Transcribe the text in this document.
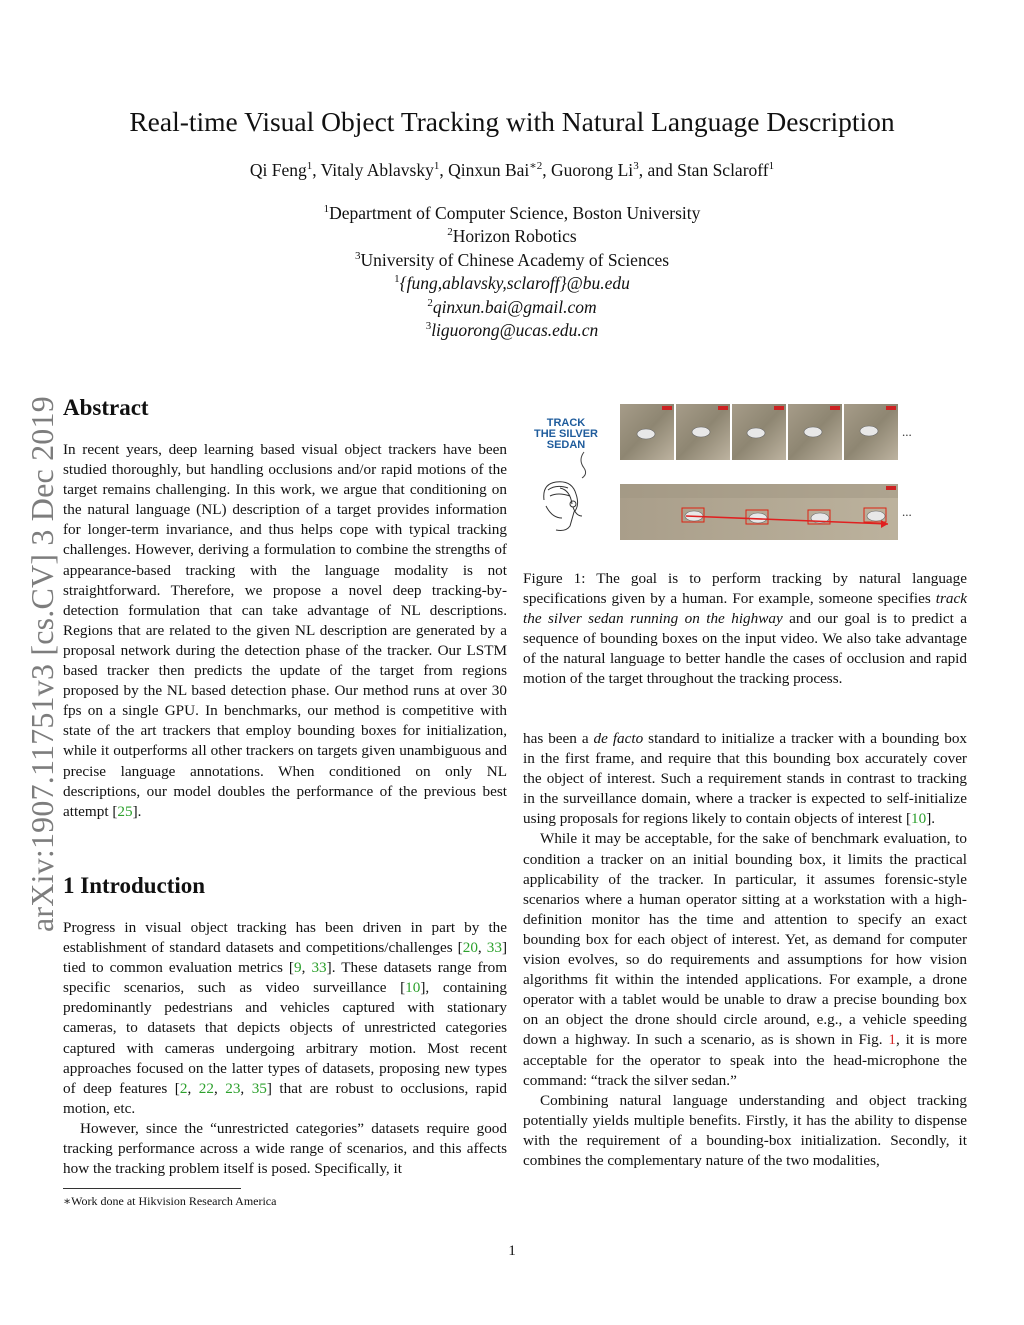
Real-time Visual Object Tracking with Natural Language Description
Qi Feng$^1$, Vitaly Ablavsky$^1$, Qinxun Bai$^{∗2}$, Guorong Li$^3$, and Stan Sclaroff$^1$
$^1$Department of Computer Science, Boston University
$^2$Horizon Robotics
$^3$University of Chinese Academy of Sciences
$^1${fung,ablavsky,sclaroff}@bu.edu
$^2$qinxun.bai@gmail.com
$^3$liguorong@ucas.edu.cn
arXiv:1907.11751v3 [cs.CV] 3 Dec 2019 Abstract

In recent years, deep learning based visual object trackers have been studied thoroughly, but handling occlusions and/or rapid motions of the target remains challenging. In this work, we argue that conditioning on the natural language (NL) description of a target provides information for longer-term invariance, and thus helps cope with typical tracking challenges. However, deriving a formulation to combine the strengths of appearance-based tracking with the language modality is not straightforward. Therefore, we propose a novel deep tracking-by-detection formulation that can take advantage of NL descriptions. Regions that are related to the given NL description are generated by a proposal network during the detection phase of the tracker. Our LSTM based tracker then predicts the update of the target from regions proposed by the NL based detection phase. Our method runs at over 30 fps on a single GPU. In benchmarks, our method is competitive with state of the art trackers that employ bounding boxes for initialization, while it outperforms all other trackers on targets given unambiguous and precise language annotations. When conditioned on only NL descriptions, our model doubles the performance of the previous best attempt [25].

1 Introduction

Progress in visual object tracking has been driven in part by the establishment of standard datasets and competitions/challenges [20, 33] tied to common evaluation metrics [9, 33]. These datasets range from specific scenarios, such as video surveillance [10], containing predominantly pedestrians and vehicles captured with stationary cameras, to datasets that depicts objects of unrestricted categories captured with cameras undergoing arbitrary motion. Most recent approaches focused on the latter types of datasets, proposing new types of deep features [2, 22, 23, 35] that are robust to occlusions, rapid motion, etc.

However, since the “unrestricted categories” datasets require good tracking performance across a wide range of scenarios, and this affects how the tracking problem itself is posed. Specifically, it

∗Work done at Hikvision Research America
TRACK
THE SILVER
SEDAN
...
...
Figure 1: The goal is to perform tracking by natural language specifications given by a human. For example, someone specifies track the silver sedan running on the highway and our goal is to predict a sequence of bounding boxes on the input video. We also take advantage of the natural language to better handle the cases of occlusion and rapid motion of the target throughout the tracking process.

has been a de facto standard to initialize a tracker with a bounding box in the first frame, and require that this bounding box accurately cover the object of interest. Such a requirement stands in contrast to tracking in the surveillance domain, where a tracker is expected to self-initialize using proposals for regions likely to contain objects of interest [10].

While it may be acceptable, for the sake of benchmark evaluation, to condition a tracker on an initial bounding box, it limits the practical applicability of the tracker. In particular, it assumes forensic-style scenarios where a human operator sitting at a workstation with a high-definition monitor has the time and attention to specify an exact bounding box for each object of interest. Yet, as demand for computer vision evolves, so do requirements and assumptions for how vision algorithms fit within the intended applications. For example, a drone operator with a tablet would be unable to draw a precise bounding box on an object the drone should circle around, e.g., a vehicle speeding down a highway. In such a scenario, as is shown in Fig. 1, it is more acceptable for the operator to speak into the head-microphone the command: “track the silver sedan.”

Combining natural language understanding and object tracking potentially yields multiple benefits. Firstly, it has the ability to dispense with the requirement of a bounding-box initialization. Secondly, it combines the complementary nature of the two modalities,

1
